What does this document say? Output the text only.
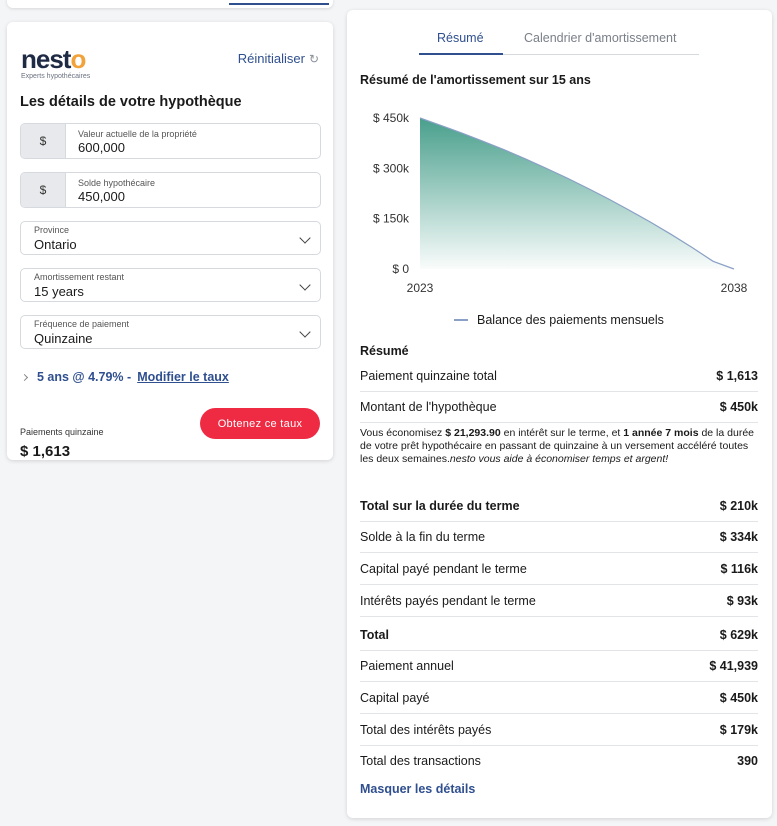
nesto
Experts hypothécaires
Réinitialiser ↻
Les détails de votre hypothèque
$	Valeur actuelle de la propriété
600,000
$	Solde hypothécaire
450,000
Province
Ontario
Amortissement restant
15 years
Fréquence de paiement
Quinzaine
5 ans @ 4.79% - Modifier le taux
Paiements quinzaine
$ 1,613
Obtenez ce taux
Résumé	Calendrier d'amortissement
Résumé de l'amortissement sur 15 ans
$ 0
$ 150k
$ 300k
$ 450k
2023	2038
Balance des paiements mensuels
Résumé
Paiement quinzaine total	$ 1,613
Montant de l'hypothèque	$ 450k
Vous économisez $ 21,293.90 en intérêt sur le terme, et 1 année 7 mois de la durée de votre prêt hypothécaire en passant de quinzaine à un versement accéléré toutes les deux semaines.nesto vous aide à économiser temps et argent!
Total sur la durée du terme	$ 210k
Solde à la fin du terme	$ 334k
Capital payé pendant le terme	$ 116k
Intérêts payés pendant le terme	$ 93k
Total	$ 629k
Paiement annuel	$ 41,939
Capital payé	$ 450k
Total des intérêts payés	$ 179k
Total des transactions	390
Masquer les détails
